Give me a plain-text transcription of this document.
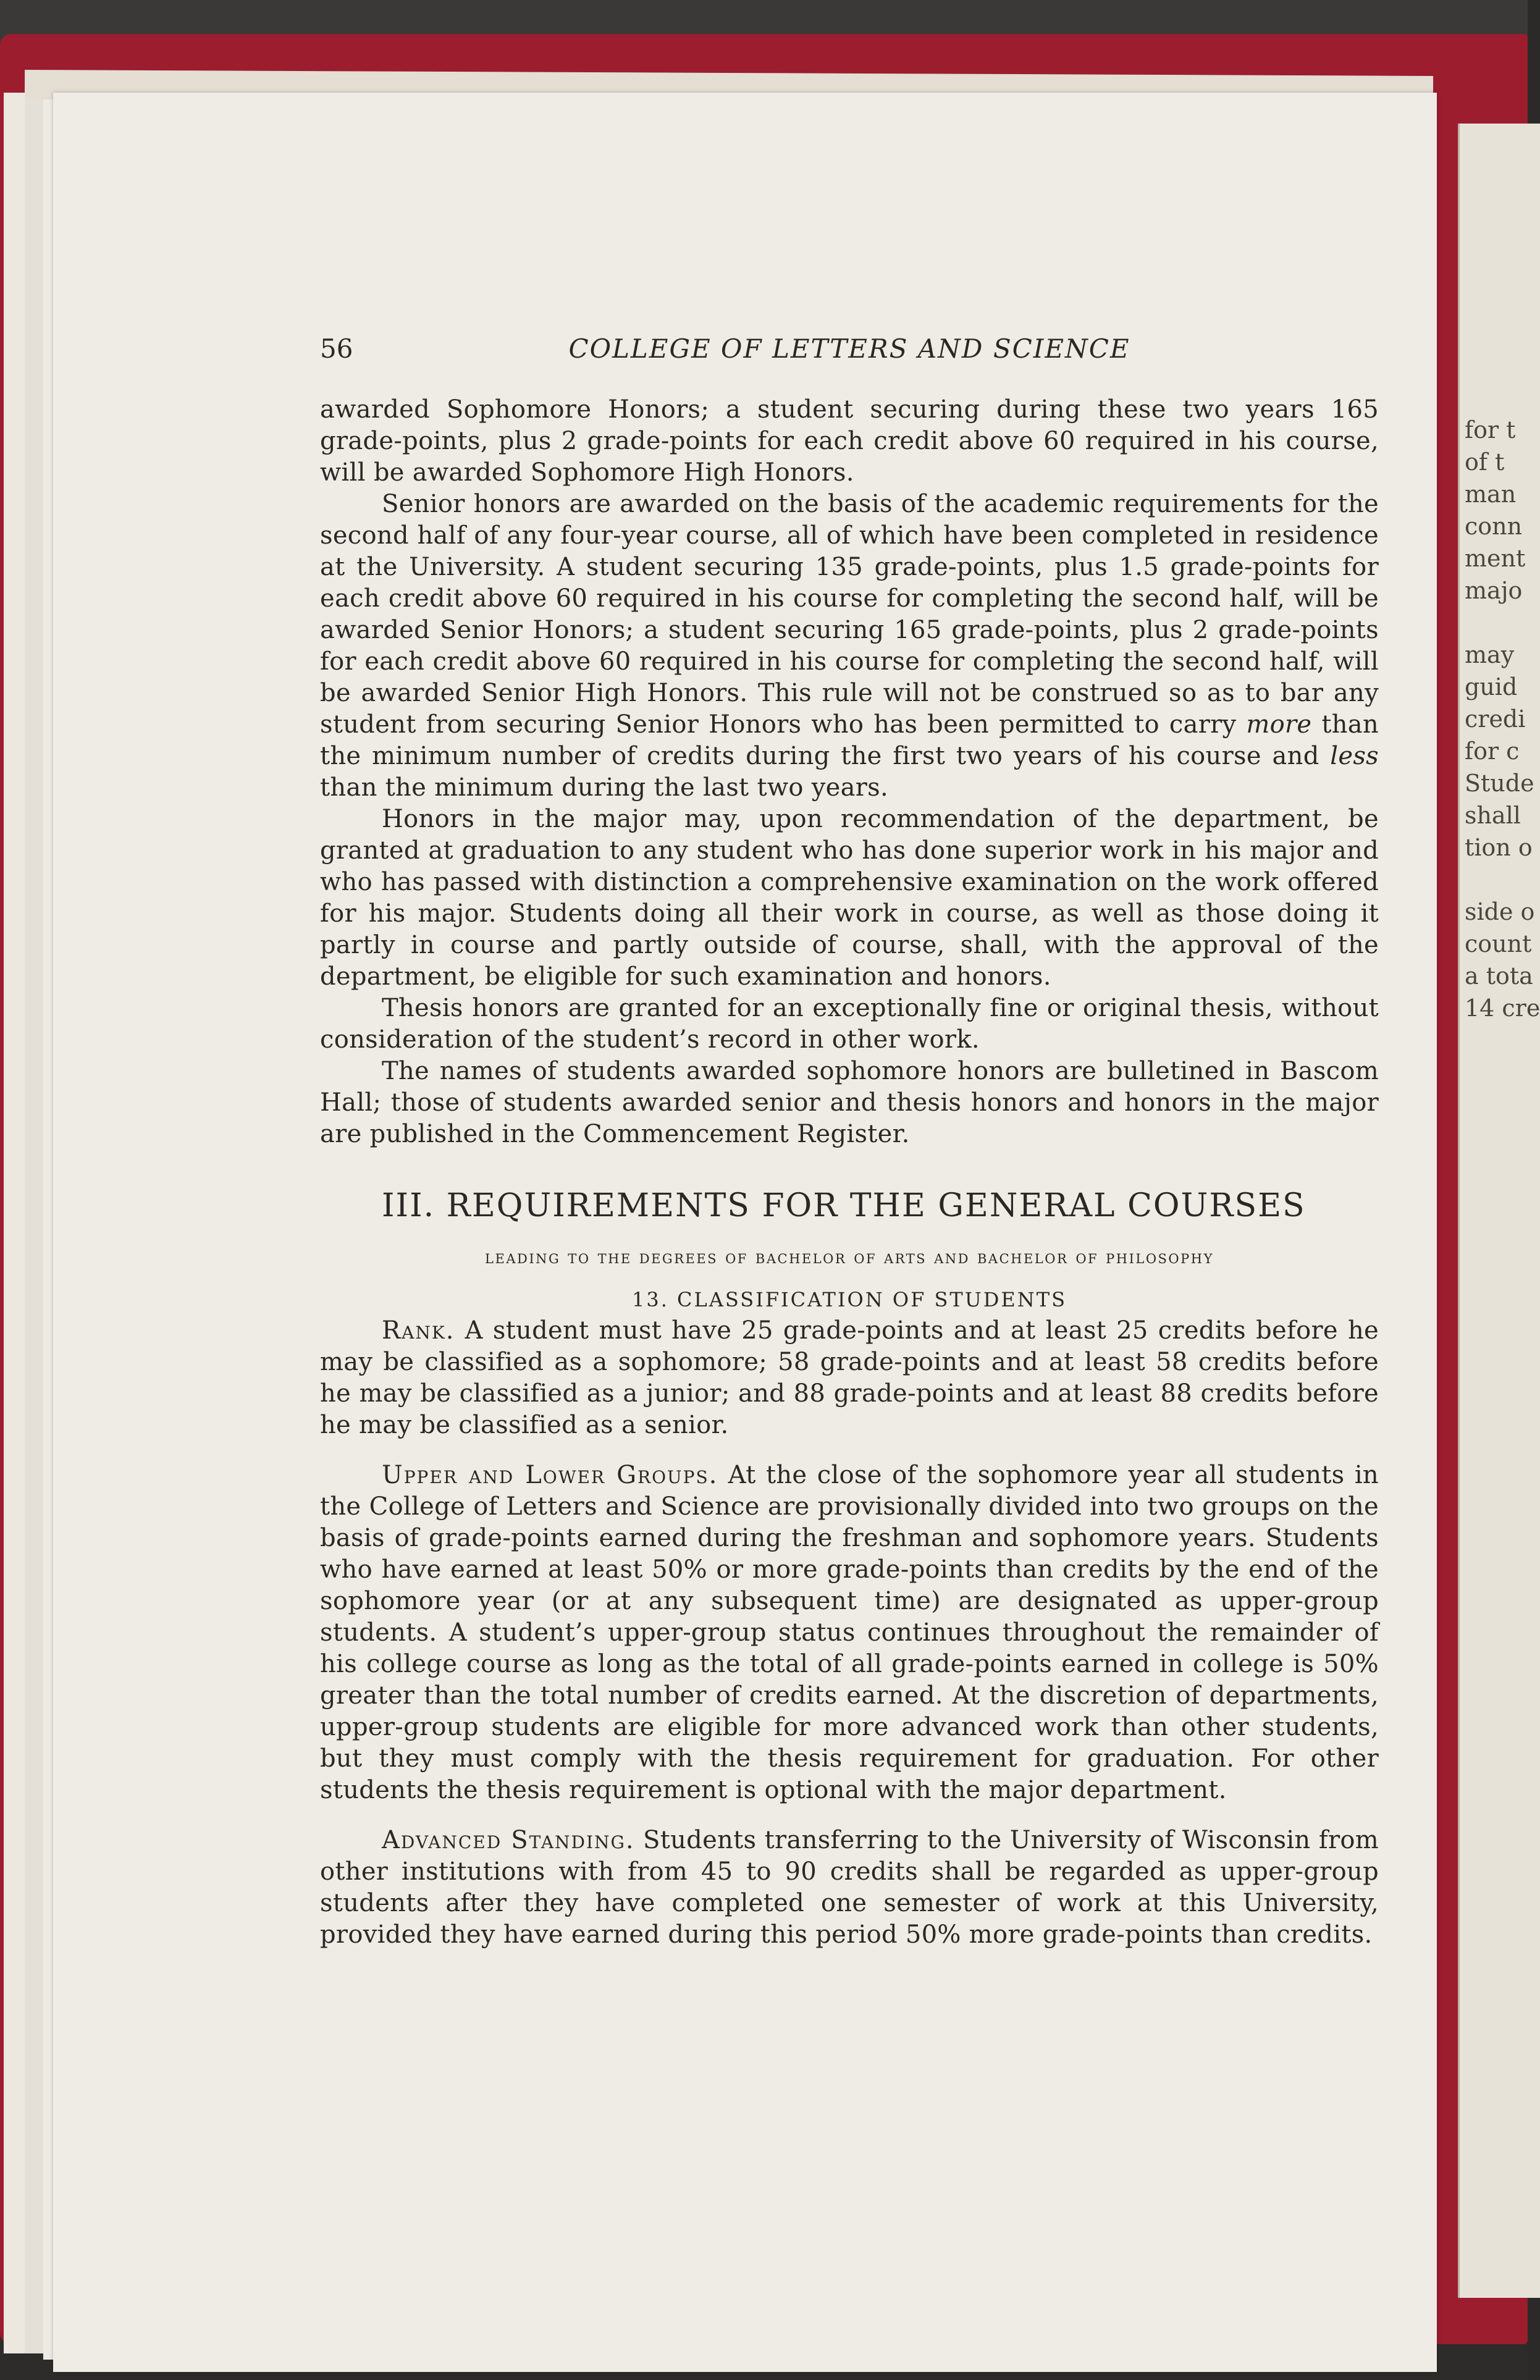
for t
of t
man
conn
ment
majo
may
guid
credi
for c
Stude
shall
tion o
side o
count
a tota
14 cre
56	COLLEGE OF LETTERS AND SCIENCE

awarded Sophomore Honors; a student securing during these two years 165 grade-points, plus 2 grade-points for each credit above 60 required in his course, will be awarded Sophomore High Honors.

Senior honors are awarded on the basis of the academic requirements for the second half of any four-year course, all of which have been completed in residence at the University. A student securing 135 grade-points, plus 1.5 grade-points for each credit above 60 required in his course for completing the second half, will be awarded Senior Honors; a student securing 165 grade-points, plus 2 grade-points for each credit above 60 required in his course for completing the second half, will be awarded Senior High Honors. This rule will not be construed so as to bar any student from securing Senior Honors who has been permitted to carry more than the minimum number of credits during the first two years of his course and less than the minimum during the last two years.

Honors in the major may, upon recommendation of the department, be granted at graduation to any student who has done superior work in his major and who has passed with distinction a comprehensive examination on the work offered for his major. Students doing all their work in course, as well as those doing it partly in course and partly outside of course, shall, with the approval of the department, be eligible for such examination and honors.

Thesis honors are granted for an exceptionally fine or original thesis, without consideration of the student’s record in other work.

The names of students awarded sophomore honors are bulletined in Bascom Hall; those of students awarded senior and thesis honors and honors in the major are published in the Commencement Register.

III. REQUIREMENTS FOR THE GENERAL COURSES
leading to the degrees of bachelor of arts and bachelor of philosophy
13. CLASSIFICATION OF STUDENTS

Rank. A student must have 25 grade-points and at least 25 credits before he may be classified as a sophomore; 58 grade-points and at least 58 credits before he may be classified as a junior; and 88 grade-points and at least 88 credits before he may be classified as a senior.

Upper and Lower Groups. At the close of the sophomore year all students in the College of Letters and Science are provisionally divided into two groups on the basis of grade-points earned during the freshman and sophomore years. Students who have earned at least 50% or more grade-points than credits by the end of the sophomore year (or at any subsequent time) are designated as upper-group students. A student’s upper-group status continues throughout the remainder of his college course as long as the total of all grade-points earned in college is 50% greater than the total number of credits earned. At the discretion of departments, upper-group students are eligible for more advanced work than other students, but they must comply with the thesis requirement for graduation. For other students the thesis requirement is optional with the major department.

Advanced Standing. Students transferring to the University of Wisconsin from other institutions with from 45 to 90 credits shall be regarded as upper-group students after they have completed one semester of work at this University, provided they have earned during this period 50% more grade-points than credits.
